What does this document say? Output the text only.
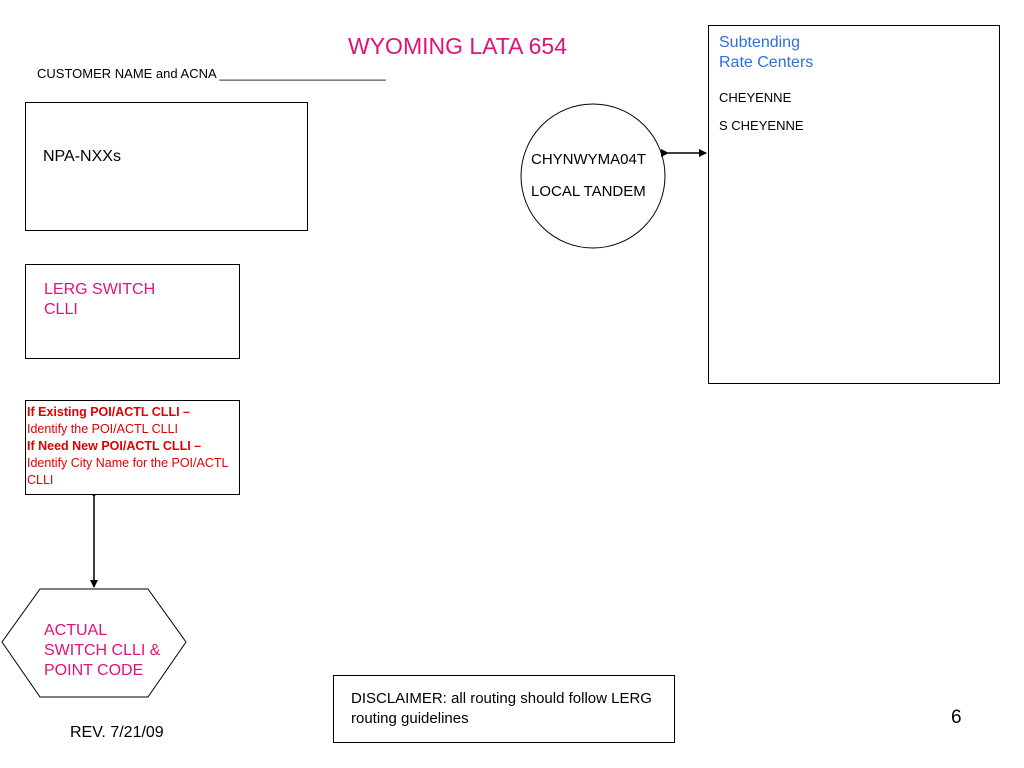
WYOMING LATA 654
CUSTOMER NAME and ACNA _______________________
NPA-NXXs
LERG SWITCH
CLLI
If Existing POI/ACTL CLLI –
Identify the POI/ACTL CLLI
If Need New POI/ACTL CLLI –
Identify City Name for the POI/ACTL CLLI
Subtending
Rate Centers
CHEYENNE
S CHEYENNE
CHYNWYMA04T
LOCAL TANDEM
ACTUAL
SWITCH CLLI &
POINT CODE
DISCLAIMER: all routing should follow LERG routing guidelines
REV. 7/21/09
6
